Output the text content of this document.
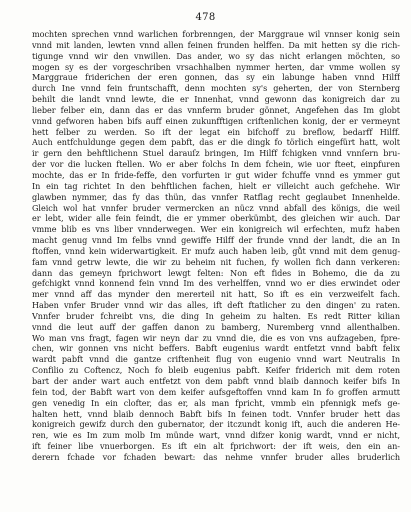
478
mochten sprechen vnnd warlichen forbrenngen, der Marggraue wil vnnser konig sein
vnnd mit landen, lewten vnnd allen feinen frunden helffen. Da mit hetten sy die rich-
tigunge vnnd wir den vnwillen. Das ander, wo sy das nicht erlangen möchten, so
mogen sy es der vorgeschriben vrsachhalben nymmer herten, dar vmme wollen sy
Marggraue friderichen der eren gonnen, das sy ein labunge haben vnnd Hilff
durch Ine vnnd fein fruntschafft, denn mochten sy's geherten, der von Sternberg
behilt die landt vnnd lewte, die er Innenhat, vnnd gewonn das konigreich dar zu
lieber felber ein, dann das er das vnnferm bruder gönnet, Angefehen das Im globt
vnnd gefworen haben bifs auff einen zukunfftigen criftenlichen konig, der er vermeynt
hett felber zu werden. So ift der legat ein bifchoff zu breflow, bedarff Hilff.
Auch entfchuldunge gegen dem pabft, das er die dingk fo törlich eingefürt hatt, wolt
ir gern den behftlichenn Stuel darauſz bringen, Im Hilff fchigken vnnd vnnſern bru-
der vor die lucken ftellen. Wo er aber folchs In dem fchein, wie uor fteet, einpfuren
mochte, das er In fride-feffe, den vorfurten ir gut wider fchuffe vnnd es ymmer gut
In ein tag richtet In den behftlichen fachen, hielt er villeicht auch gefchehe. Wir
glawben nymmer, das fy das thün, das vnnfer Ratflag recht geglaubet Innenhelde.
Gleich wol hat vnnfer bruder vermercken an nücz vnnd abfall des königs, die weil
er lebt, wider alle fein feindt, die er ymmer oberkümbt, des gleichen wir auch. Dar
vmme blib es vns liber vnnderwegen. Wer ein konigreich wil erfechten, mufz haben
macht genug vnnd Im felbs vnnd gewiffe Hilff der frunde vnnd der landt, die an In
ftoffen, vnnd kein widerwartigkeit. Er mufz auch haben leib, gůt vnnd mit dem genug-
fam vnnd getrw lewte, die wir zu beheim nit fuchen, fy wollen fich dann verkeren:
dann das gemeyn fprichwort lewgt felten: Non eft fides in Bohemo, die da zu
gefchigkt vnnd konnend fein vnnd Im des verhelffen, vnnd wo er dies erwindet oder
mer vnnd aff das mynder den mererteil nit hatt, So ift es ein verzweifelt fach.
Haben vnfer Bruder vnnd wir das alles, ift deft ftatlicher zu den dingen' zu raten.
Vnnfer bruder fchreibt vns, die ding In geheim zu halten. Es redt Ritter kilian
vnnd die leut auff der gaffen danon zu bamberg, Nuremberg vnnd allenthalben.
Wo man vns fragt, fagen wir neyn dar zu vnnd die, die es von vns aufzageben, fpre-
chen, wir gonnen vns nicht beffers. Babft eugenius wardt entfetzt vnnd babft felix
wardt pabft vnnd die gantze criftenheit flug von eugenio vnnd wart Neutralis In
Confilio zu Coftencz, Noch fo bleib eugenius pabft. Keifer friderich mit dem roten
bart der ander wart auch entfetzt von dem pabft vnnd blaib dannoch keifer bifs In
fein tod, der Babft wart von dem keifer aufsgeftoffen vnnd kam In fo groffen armutt
gen venedig In ein clofter, das er, als man fpricht, vmmb ein pfennigk mefs ge-
halten hett, vnnd blaib dennoch Babft bifs In feinen todt. Vnnfer bruder hett das
konigreich gewifz durch den gubernator, der itczundt konig ift, auch die anderen He-
ren, wie es Im zum molb Im münde wart, vnnd difzer konig wardt, vnnd er nicht,
ift feiner libe vnuerborgen. Es ift ein alt fprichwort: der ift weis, den ein an-
derern fchade vor fchaden bewart: das nehme vnnfer bruder alles bruderlich
